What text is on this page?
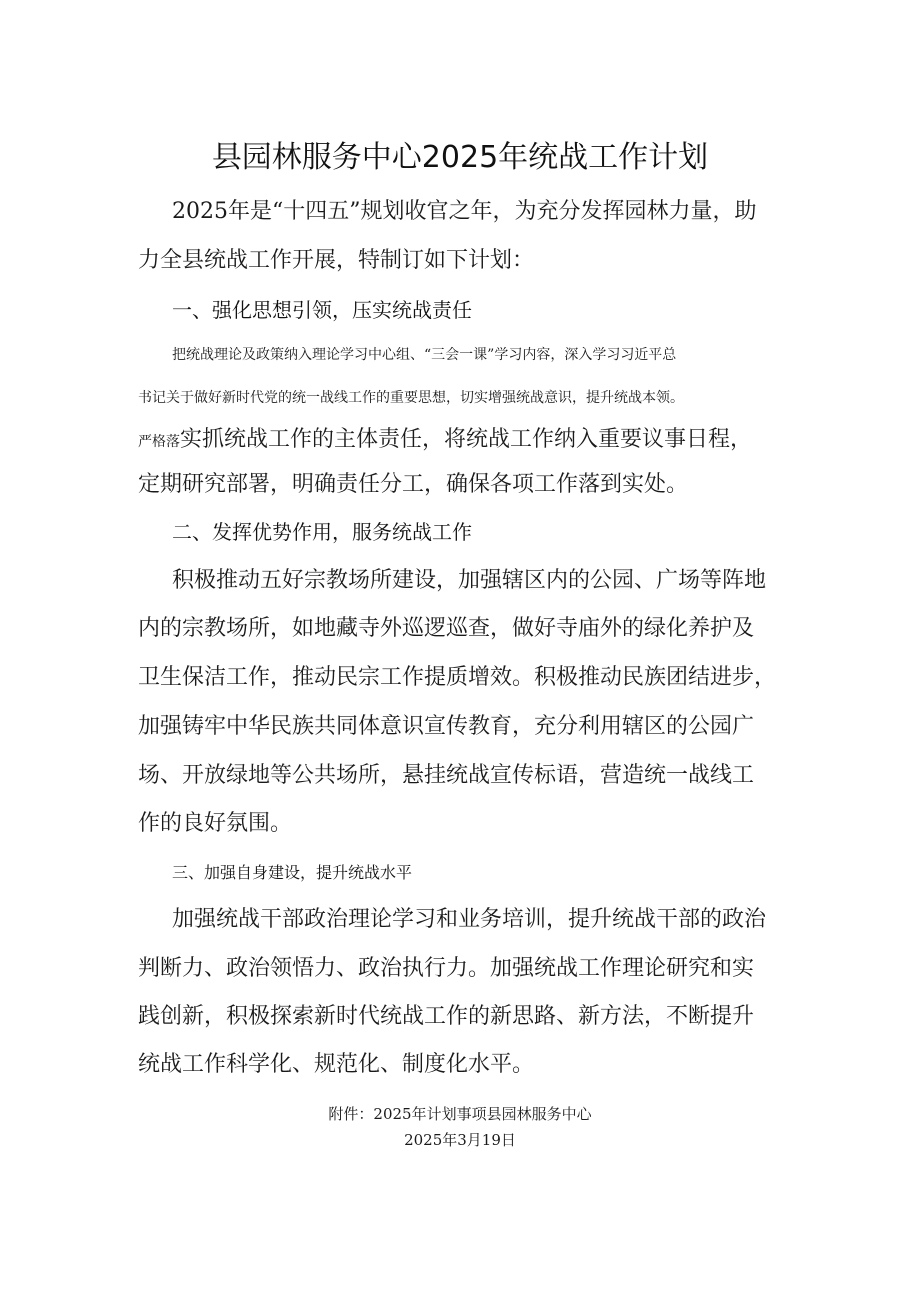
县园林服务中心2025年统战工作计划
2025年是“十四五”规划收官之年，为充分发挥园林力量，助
力全县统战工作开展，特制订如下计划：
一、强化思想引领，压实统战责任
把统战理论及政策纳入理论学习中心组、“三会一课”学习内容，深入学习习近平总
书记关于做好新时代党的统一战线工作的重要思想，切实增强统战意识，提升统战本领。
严格落实抓统战工作的主体责任，将统战工作纳入重要议事日程，
定期研究部署，明确责任分工，确保各项工作落到实处。
二、发挥优势作用，服务统战工作
积极推动五好宗教场所建设，加强辖区内的公园、广场等阵地
内的宗教场所，如地藏寺外巡逻巡查，做好寺庙外的绿化养护及
卫生保洁工作，推动民宗工作提质增效。积极推动民族团结进步，
加强铸牢中华民族共同体意识宣传教育，充分利用辖区的公园广
场、开放绿地等公共场所，悬挂统战宣传标语，营造统一战线工
作的良好氛围。
三、加强自身建设，提升统战水平
加强统战干部政治理论学习和业务培训，提升统战干部的政治
判断力、政治领悟力、政治执行力。加强统战工作理论研究和实
践创新，积极探索新时代统战工作的新思路、新方法，不断提升
统战工作科学化、规范化、制度化水平。
附件：2025年计划事项县园林服务中心
2025年3月19日
